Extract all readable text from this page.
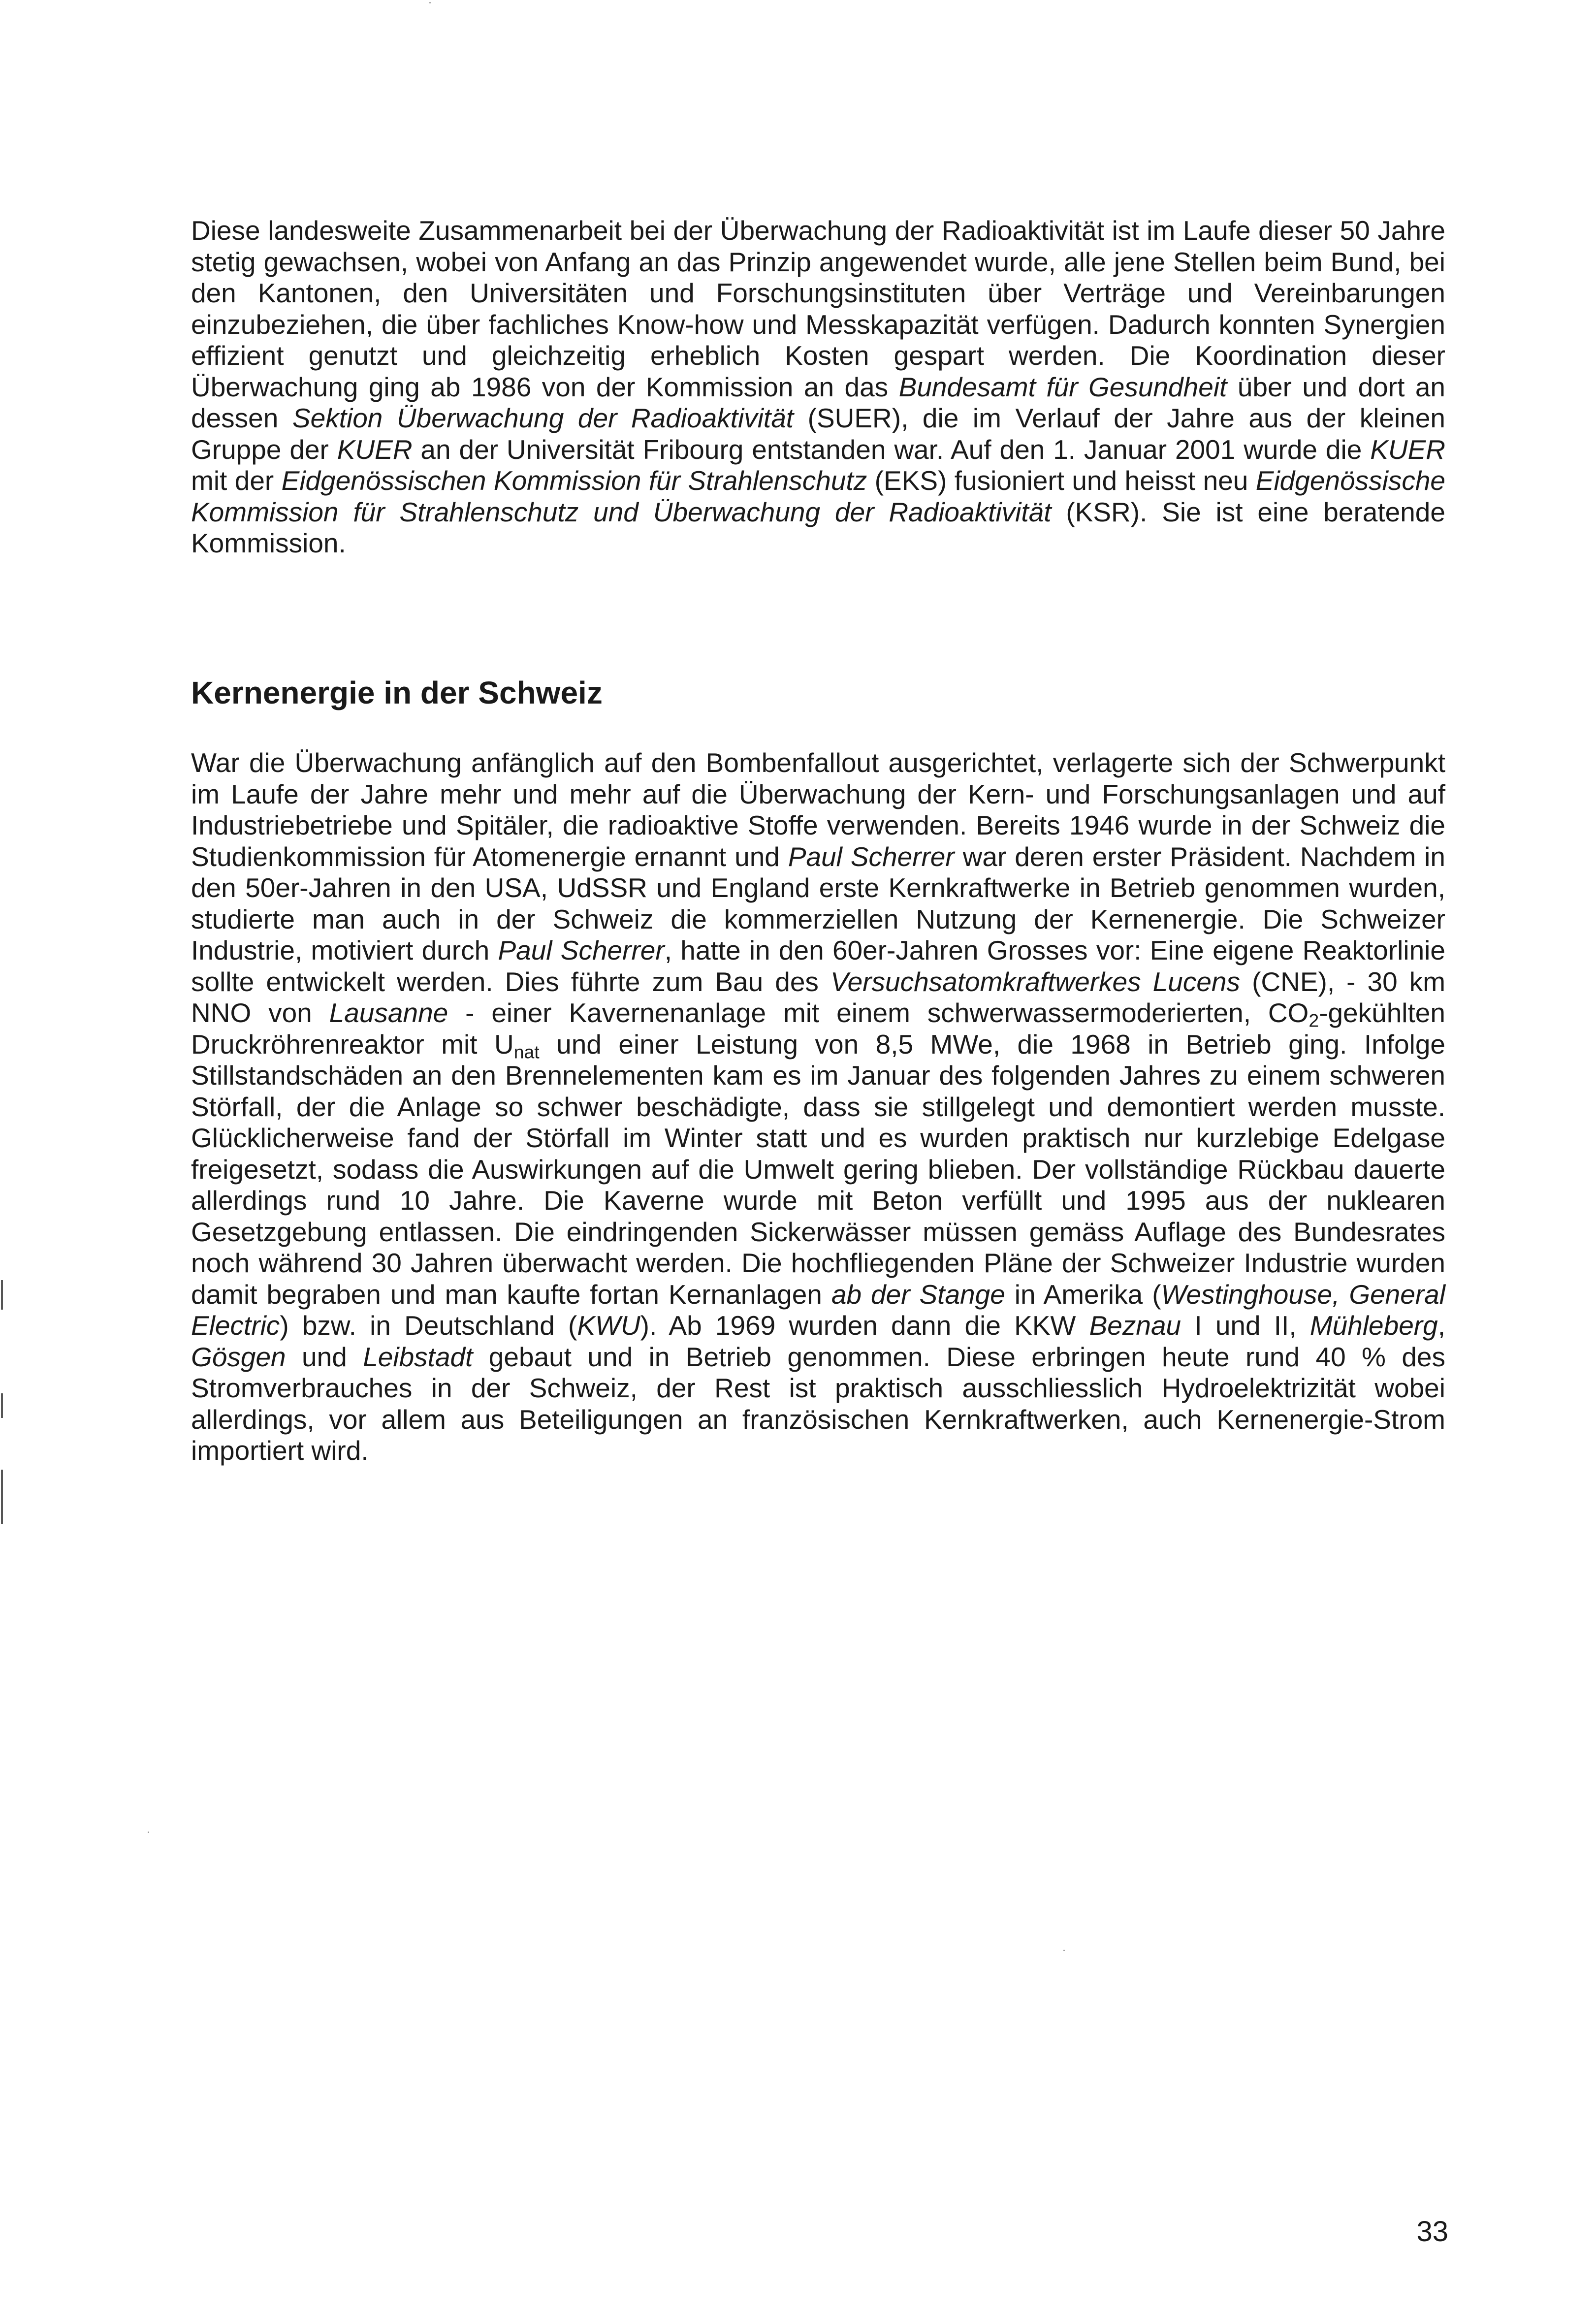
Diese landesweite Zusammenarbeit bei der Überwachung der Radioaktivität ist im Laufe dieser 50 Jahre stetig gewachsen, wobei von Anfang an das Prinzip angewendet wurde, alle jene Stellen beim Bund, bei den Kantonen, den Universitäten und Forschungsinstituten über Verträge und Vereinbarungen einzubeziehen, die über fachliches Know-how und Messkapazität verfügen. Dadurch konnten Synergien effizient genutzt und gleichzeitig erheblich Kosten gespart werden. Die Koordination dieser Überwachung ging ab 1986 von der Kommission an das Bundesamt für Gesundheit über und dort an dessen Sektion Überwachung der Radioaktivität (SUER), die im Verlauf der Jahre aus der kleinen Gruppe der KUER an der Universität Fribourg entstanden war. Auf den 1. Januar 2001 wurde die KUER mit der Eidgenössischen Kommission für Strahlenschutz (EKS) fusioniert und heisst neu Eidgenössische Kommission für Strahlenschutz und Überwachung der Radioaktivität (KSR). Sie ist eine beratende Kommission.
Kernenergie in der Schweiz
War die Überwachung anfänglich auf den Bombenfallout ausgerichtet, verlagerte sich der Schwerpunkt im Laufe der Jahre mehr und mehr auf die Überwachung der Kern- und Forschungsanlagen und auf Industriebetriebe und Spitäler, die radioaktive Stoffe verwenden. Bereits 1946 wurde in der Schweiz die Studienkommission für Atomenergie ernannt und Paul Scherrer war deren erster Präsident. Nachdem in den 50er-Jahren in den USA, UdSSR und England erste Kernkraftwerke in Betrieb genommen wurden, studierte man auch in der Schweiz die kommerziellen Nutzung der Kernenergie. Die Schweizer Industrie, motiviert durch Paul Scherrer, hatte in den 60er-Jahren Grosses vor: Eine eigene Reaktorlinie sollte entwickelt werden. Dies führte zum Bau des Versuchsatomkraftwerkes Lucens (CNE), - 30 km NNO von Lausanne - einer Kavernenanlage mit einem schwerwassermoderierten, $CO_2$-gekühlten Druckröhrenreaktor mit $U_{nat}$ und einer Leistung von 8,5 MWe, die 1968 in Betrieb ging. Infolge Stillstandschäden an den Brennelementen kam es im Januar des folgenden Jahres zu einem schweren Störfall, der die Anlage so schwer beschädigte, dass sie stillgelegt und demontiert werden musste. Glücklicherweise fand der Störfall im Winter statt und es wurden praktisch nur kurzlebige Edelgase freigesetzt, sodass die Auswirkungen auf die Umwelt gering blieben. Der vollständige Rückbau dauerte allerdings rund 10 Jahre. Die Kaverne wurde mit Beton verfüllt und 1995 aus der nuklearen Gesetzgebung entlassen. Die eindringenden Sickerwässer müssen gemäss Auflage des Bundesrates noch während 30 Jahren überwacht werden. Die hochfliegenden Pläne der Schweizer Industrie wurden damit begraben und man kaufte fortan Kernanlagen ab der Stange in Amerika (Westinghouse, General Electric) bzw. in Deutschland (KWU). Ab 1969 wurden dann die KKW Beznau I und II, Mühleberg, Gösgen und Leibstadt gebaut und in Betrieb genommen. Diese erbringen heute rund 40 % des Stromverbrauches in der Schweiz, der Rest ist praktisch ausschliesslich Hydroelektrizität wobei allerdings, vor allem aus Beteiligungen an französischen Kernkraftwerken, auch Kernenergie-Strom importiert wird.
33
